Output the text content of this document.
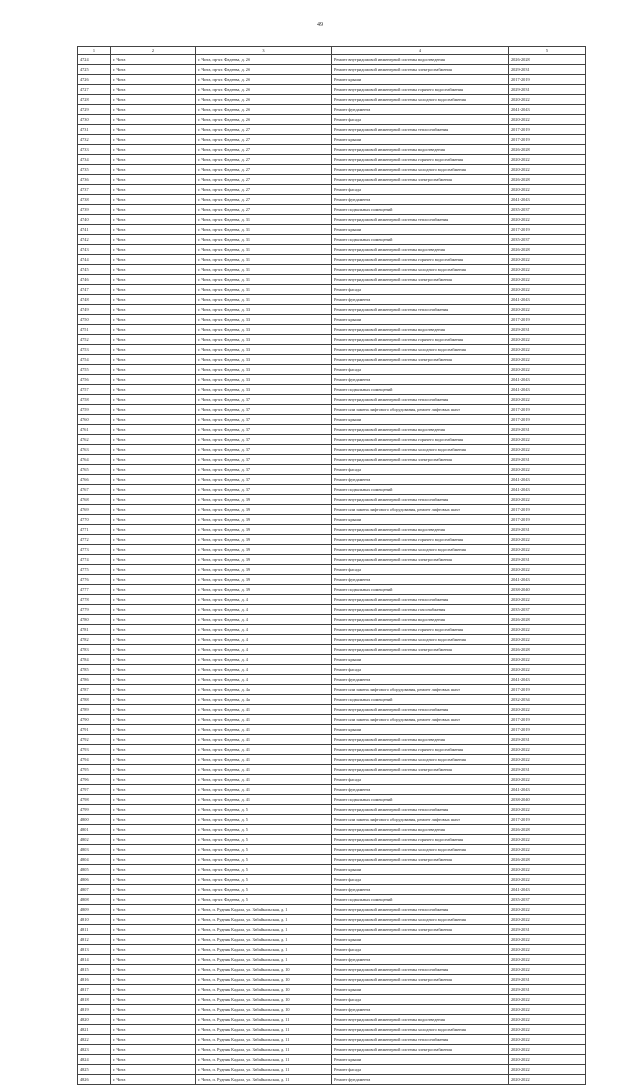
49
1	2	3	4	5
4724	г. Чита	г. Чита, пр-кт. Фадеева, д. 2б	Ремонт внутридомовой инженерной системы водоотведения	2026-2028
4725	г. Чита	г. Чита, пр-кт. Фадеева, д. 2б	Ремонт внутридомовой инженерной системы электроснабжения	2029-2031
4726	г. Чита	г. Чита, пр-кт. Фадеева, д. 2б	Ремонт крыши	2017-2019
4727	г. Чита	г. Чита, пр-кт. Фадеева, д. 2б	Ремонт внутридомовой инженерной системы горячего водоснабжения	2029-2031
4728	г. Чита	г. Чита, пр-кт. Фадеева, д. 2б	Ремонт внутридомовой инженерной системы холодного водоснабжения	2020-2022
4729	г. Чита	г. Чита, пр-кт. Фадеева, д. 2б	Ремонт фундамента	2041-2043
4730	г. Чита	г. Чита, пр-кт. Фадеева, д. 2б	Ремонт фасада	2020-2022
4731	г. Чита	г. Чита, пр-кт. Фадеева, д. 27	Ремонт внутридомовой инженерной системы теплоснабжения	2017-2019
4732	г. Чита	г. Чита, пр-кт. Фадеева, д. 27	Ремонт крыши	2017-2019
4733	г. Чита	г. Чита, пр-кт. Фадеева, д. 27	Ремонт внутридомовой инженерной системы водоотведения	2026-2028
4734	г. Чита	г. Чита, пр-кт. Фадеева, д. 27	Ремонт внутридомовой инженерной системы горячего водоснабжения	2020-2022
4735	г. Чита	г. Чита, пр-кт. Фадеева, д. 27	Ремонт внутридомовой инженерной системы холодного водоснабжения	2020-2022
4736	г. Чита	г. Чита, пр-кт. Фадеева, д. 27	Ремонт внутридомовой инженерной системы электроснабжения	2026-2028
4737	г. Чита	г. Чита, пр-кт. Фадеева, д. 27	Ремонт фасада	2020-2022
4738	г. Чита	г. Чита, пр-кт. Фадеева, д. 27	Ремонт фундамента	2041-2043
4739	г. Чита	г. Чита, пр-кт. Фадеева, д. 27	Ремонт подвальных помещений	2035-2037
4740	г. Чита	г. Чита, пр-кт. Фадеева, д. 31	Ремонт внутридомовой инженерной системы теплоснабжения	2020-2022
4741	г. Чита	г. Чита, пр-кт. Фадеева, д. 31	Ремонт крыши	2017-2019
4742	г. Чита	г. Чита, пр-кт. Фадеева, д. 31	Ремонт подвальных помещений	2035-2037
4743	г. Чита	г. Чита, пр-кт. Фадеева, д. 31	Ремонт внутридомовой инженерной системы водоотведения	2026-2028
4744	г. Чита	г. Чита, пр-кт. Фадеева, д. 31	Ремонт внутридомовой инженерной системы горячего водоснабжения	2020-2022
4745	г. Чита	г. Чита, пр-кт. Фадеева, д. 31	Ремонт внутридомовой инженерной системы холодного водоснабжения	2020-2022
4746	г. Чита	г. Чита, пр-кт. Фадеева, д. 31	Ремонт внутридомовой инженерной системы электроснабжения	2020-2022
4747	г. Чита	г. Чита, пр-кт. Фадеева, д. 31	Ремонт фасада	2020-2022
4748	г. Чита	г. Чита, пр-кт. Фадеева, д. 31	Ремонт фундамента	2041-2043
4749	г. Чита	г. Чита, пр-кт. Фадеева, д. 33	Ремонт внутридомовой инженерной системы теплоснабжения	2020-2022
4750	г. Чита	г. Чита, пр-кт. Фадеева, д. 33	Ремонт крыши	2017-2019
4751	г. Чита	г. Чита, пр-кт. Фадеева, д. 33	Ремонт внутридомовой инженерной системы водоотведения	2029-2031
4752	г. Чита	г. Чита, пр-кт. Фадеева, д. 33	Ремонт внутридомовой инженерной системы горячего водоснабжения	2020-2022
4753	г. Чита	г. Чита, пр-кт. Фадеева, д. 33	Ремонт внутридомовой инженерной системы холодного водоснабжения	2020-2022
4754	г. Чита	г. Чита, пр-кт. Фадеева, д. 33	Ремонт внутридомовой инженерной системы электроснабжения	2020-2022
4755	г. Чита	г. Чита, пр-кт. Фадеева, д. 33	Ремонт фасада	2020-2022
4756	г. Чита	г. Чита, пр-кт. Фадеева, д. 33	Ремонт фундамента	2041-2043
4757	г. Чита	г. Чита, пр-кт. Фадеева, д. 33	Ремонт подвальных помещений	2041-2043
4758	г. Чита	г. Чита, пр-кт. Фадеева, д. 37	Ремонт внутридомовой инженерной системы теплоснабжения	2020-2022
4759	г. Чита	г. Чита, пр-кт. Фадеева, д. 37	Ремонт или замена лифтового оборудования, ремонт лифтовых шахт	2017-2019
4760	г. Чита	г. Чита, пр-кт. Фадеева, д. 37	Ремонт крыши	2017-2019
4761	г. Чита	г. Чита, пр-кт. Фадеева, д. 37	Ремонт внутридомовой инженерной системы водоотведения	2029-2031
4762	г. Чита	г. Чита, пр-кт. Фадеева, д. 37	Ремонт внутридомовой инженерной системы горячего водоснабжения	2020-2022
4763	г. Чита	г. Чита, пр-кт. Фадеева, д. 37	Ремонт внутридомовой инженерной системы холодного водоснабжения	2020-2022
4764	г. Чита	г. Чита, пр-кт. Фадеева, д. 37	Ремонт внутридомовой инженерной системы электроснабжения	2029-2031
4765	г. Чита	г. Чита, пр-кт. Фадеева, д. 37	Ремонт фасада	2020-2022
4766	г. Чита	г. Чита, пр-кт. Фадеева, д. 37	Ремонт фундамента	2041-2043
4767	г. Чита	г. Чита, пр-кт. Фадеева, д. 37	Ремонт подвальных помещений	2041-2043
4768	г. Чита	г. Чита, пр-кт. Фадеева, д. 39	Ремонт внутридомовой инженерной системы теплоснабжения	2020-2022
4769	г. Чита	г. Чита, пр-кт. Фадеева, д. 39	Ремонт или замена лифтового оборудования, ремонт лифтовых шахт	2017-2019
4770	г. Чита	г. Чита, пр-кт. Фадеева, д. 39	Ремонт крыши	2017-2019
4771	г. Чита	г. Чита, пр-кт. Фадеева, д. 39	Ремонт внутридомовой инженерной системы водоотведения	2029-2031
4772	г. Чита	г. Чита, пр-кт. Фадеева, д. 39	Ремонт внутридомовой инженерной системы горячего водоснабжения	2020-2022
4773	г. Чита	г. Чита, пр-кт. Фадеева, д. 39	Ремонт внутридомовой инженерной системы холодного водоснабжения	2020-2022
4774	г. Чита	г. Чита, пр-кт. Фадеева, д. 39	Ремонт внутридомовой инженерной системы электроснабжения	2029-2031
4775	г. Чита	г. Чита, пр-кт. Фадеева, д. 39	Ремонт фасада	2020-2022
4776	г. Чита	г. Чита, пр-кт. Фадеева, д. 39	Ремонт фундамента	2041-2043
4777	г. Чита	г. Чита, пр-кт. Фадеева, д. 39	Ремонт подвальных помещений	2038-2040
4778	г. Чита	г. Чита, пр-кт. Фадеева, д. 4	Ремонт внутридомовой инженерной системы теплоснабжения	2020-2022
4779	г. Чита	г. Чита, пр-кт. Фадеева, д. 4	Ремонт внутридомовой инженерной системы газоснабжения	2035-2037
4780	г. Чита	г. Чита, пр-кт. Фадеева, д. 4	Ремонт внутридомовой инженерной системы водоотведения	2026-2028
4781	г. Чита	г. Чита, пр-кт. Фадеева, д. 4	Ремонт внутридомовой инженерной системы горячего водоснабжения	2020-2022
4782	г. Чита	г. Чита, пр-кт. Фадеева, д. 4	Ремонт внутридомовой инженерной системы холодного водоснабжения	2020-2022
4783	г. Чита	г. Чита, пр-кт. Фадеева, д. 4	Ремонт внутридомовой инженерной системы электроснабжения	2026-2028
4784	г. Чита	г. Чита, пр-кт. Фадеева, д. 4	Ремонт крыши	2020-2022
4785	г. Чита	г. Чита, пр-кт. Фадеева, д. 4	Ремонт фасада	2020-2022
4786	г. Чита	г. Чита, пр-кт. Фадеева, д. 4	Ремонт фундамента	2041-2043
4787	г. Чита	г. Чита, пр-кт. Фадеева, д. 4а	Ремонт или замена лифтового оборудования, ремонт лифтовых шахт	2017-2019
4788	г. Чита	г. Чита, пр-кт. Фадеева, д. 4а	Ремонт подвальных помещений	2032-2034
4789	г. Чита	г. Чита, пр-кт. Фадеева, д. 41	Ремонт внутридомовой инженерной системы теплоснабжения	2020-2022
4790	г. Чита	г. Чита, пр-кт. Фадеева, д. 41	Ремонт или замена лифтового оборудования, ремонт лифтовых шахт	2017-2019
4791	г. Чита	г. Чита, пр-кт. Фадеева, д. 41	Ремонт крыши	2017-2019
4792	г. Чита	г. Чита, пр-кт. Фадеева, д. 41	Ремонт внутридомовой инженерной системы водоотведения	2029-2031
4793	г. Чита	г. Чита, пр-кт. Фадеева, д. 41	Ремонт внутридомовой инженерной системы горячего водоснабжения	2020-2022
4794	г. Чита	г. Чита, пр-кт. Фадеева, д. 41	Ремонт внутридомовой инженерной системы холодного водоснабжения	2020-2022
4795	г. Чита	г. Чита, пр-кт. Фадеева, д. 41	Ремонт внутридомовой инженерной системы электроснабжения	2029-2031
4796	г. Чита	г. Чита, пр-кт. Фадеева, д. 41	Ремонт фасада	2020-2022
4797	г. Чита	г. Чита, пр-кт. Фадеева, д. 41	Ремонт фундамента	2041-2043
4798	г. Чита	г. Чита, пр-кт. Фадеева, д. 41	Ремонт подвальных помещений	2038-2040
4799	г. Чита	г. Чита, пр-кт. Фадеева, д. 5	Ремонт внутридомовой инженерной системы теплоснабжения	2020-2022
4800	г. Чита	г. Чита, пр-кт. Фадеева, д. 5	Ремонт или замена лифтового оборудования, ремонт лифтовых шахт	2017-2019
4801	г. Чита	г. Чита, пр-кт. Фадеева, д. 5	Ремонт внутридомовой инженерной системы водоотведения	2026-2028
4802	г. Чита	г. Чита, пр-кт. Фадеева, д. 5	Ремонт внутридомовой инженерной системы горячего водоснабжения	2020-2022
4803	г. Чита	г. Чита, пр-кт. Фадеева, д. 5	Ремонт внутридомовой инженерной системы холодного водоснабжения	2020-2022
4804	г. Чита	г. Чита, пр-кт. Фадеева, д. 5	Ремонт внутридомовой инженерной системы электроснабжения	2026-2028
4805	г. Чита	г. Чита, пр-кт. Фадеева, д. 5	Ремонт крыши	2020-2022
4806	г. Чита	г. Чита, пр-кт. Фадеева, д. 5	Ремонт фасада	2020-2022
4807	г. Чита	г. Чита, пр-кт. Фадеева, д. 5	Ремонт фундамента	2041-2043
4808	г. Чита	г. Чита, пр-кт. Фадеева, д. 5	Ремонт подвальных помещений	2035-2037
4809	г. Чита	г. Чита, п. Рудник Кадала, ул. Забайкальская, д. 1	Ремонт внутридомовой инженерной системы теплоснабжения	2020-2022
4810	г. Чита	г. Чита, п. Рудник Кадала, ул. Забайкальская, д. 1	Ремонт внутридомовой инженерной системы холодного водоснабжения	2020-2022
4811	г. Чита	г. Чита, п. Рудник Кадала, ул. Забайкальская, д. 1	Ремонт внутридомовой инженерной системы электроснабжения	2029-2031
4812	г. Чита	г. Чита, п. Рудник Кадала, ул. Забайкальская, д. 1	Ремонт крыши	2020-2022
4813	г. Чита	г. Чита, п. Рудник Кадала, ул. Забайкальская, д. 1	Ремонт фасада	2020-2022
4814	г. Чита	г. Чита, п. Рудник Кадала, ул. Забайкальская, д. 1	Ремонт фундамента	2020-2022
4815	г. Чита	г. Чита, п. Рудник Кадала, ул. Забайкальская, д. 10	Ремонт внутридомовой инженерной системы теплоснабжения	2020-2022
4816	г. Чита	г. Чита, п. Рудник Кадала, ул. Забайкальская, д. 10	Ремонт внутридомовой инженерной системы электроснабжения	2029-2031
4817	г. Чита	г. Чита, п. Рудник Кадала, ул. Забайкальская, д. 10	Ремонт крыши	2029-2031
4818	г. Чита	г. Чита, п. Рудник Кадала, ул. Забайкальская, д. 10	Ремонт фасада	2020-2022
4819	г. Чита	г. Чита, п. Рудник Кадала, ул. Забайкальская, д. 10	Ремонт фундамента	2020-2022
4820	г. Чита	г. Чита, п. Рудник Кадала, ул. Забайкальская, д. 11	Ремонт внутридомовой инженерной системы водоотведения	2020-2022
4821	г. Чита	г. Чита, п. Рудник Кадала, ул. Забайкальская, д. 11	Ремонт внутридомовой инженерной системы холодного водоснабжения	2020-2022
4822	г. Чита	г. Чита, п. Рудник Кадала, ул. Забайкальская, д. 11	Ремонт внутридомовой инженерной системы теплоснабжения	2020-2022
4823	г. Чита	г. Чита, п. Рудник Кадала, ул. Забайкальская, д. 11	Ремонт внутридомовой инженерной системы электроснабжения	2020-2022
4824	г. Чита	г. Чита, п. Рудник Кадала, ул. Забайкальская, д. 11	Ремонт крыши	2020-2022
4825	г. Чита	г. Чита, п. Рудник Кадала, ул. Забайкальская, д. 11	Ремонт фасада	2020-2022
4826	г. Чита	г. Чита, п. Рудник Кадала, ул. Забайкальская, д. 11	Ремонт фундамента	2020-2022
